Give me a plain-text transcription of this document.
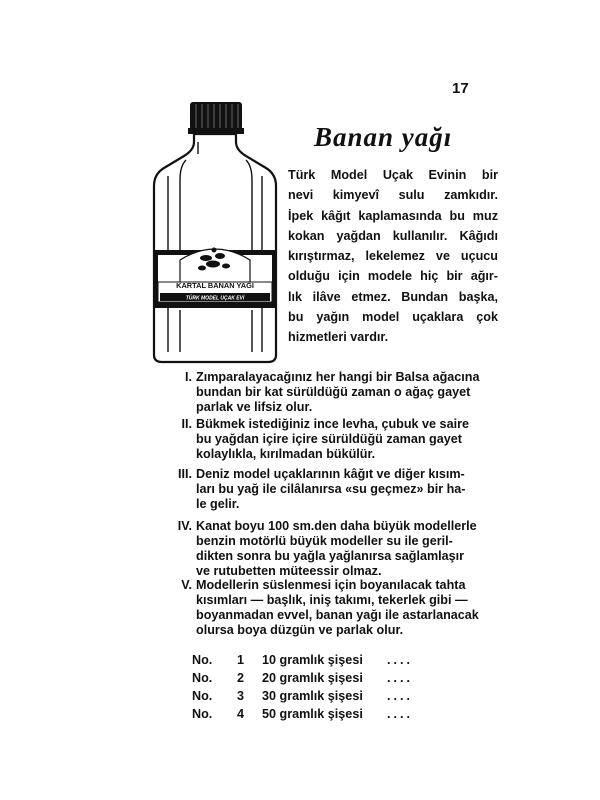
17
KARTAL BANAN YAĞI
TÜRK MODEL UÇAK EVİ
Banan yağı
Türk Model Uçak Evinin bir
nevi kimyevî sulu zamkıdır.
İpek kâğıt kaplamasında bu muz
kokan yağdan kullanılır. Kâğıdı
kırıştırmaz, lekelemez ve uçucu
olduğu için modele hiç bir ağır-
lık ilâve etmez. Bundan başka,
bu yağın model uçaklara çok
hizmetleri vardır.
I. Zımparalayacağınız her hangi bir Balsa ağacına
bundan bir kat sürüldüğü zaman o ağaç gayet
parlak ve lifsiz olur.
II. Bükmek istediğiniz ince levha, çubuk ve saire
bu yağdan içire içire sürüldüğü zaman gayet
kolaylıkla, kırılmadan bükülür.
III. Deniz model uçaklarının kâğıt ve diğer kısım-
ları bu yağ ile cilâlanırsa «su geçmez» bir ha-
le gelir.
IV. Kanat boyu 100 sm.den daha büyük modellerle
benzin motörlü büyük modeller su ile geril-
dikten sonra bu yağla yağlanırsa sağlamlaşır
ve rutubetten müteessir olmaz.
V. Modellerin süslenmesi için boyanılacak tahta
kısımları — başlık, iniş takımı, tekerlek gibi —
boyanmadan evvel, banan yağı ile astarlanacak
olursa boya düzgün ve parlak olur.
No. 1 10 gramlık şişesi ....
No. 2 20 gramlık şişesi ....
No. 3 30 gramlık şişesi ....
No. 4 50 gramlık şişesi ....
